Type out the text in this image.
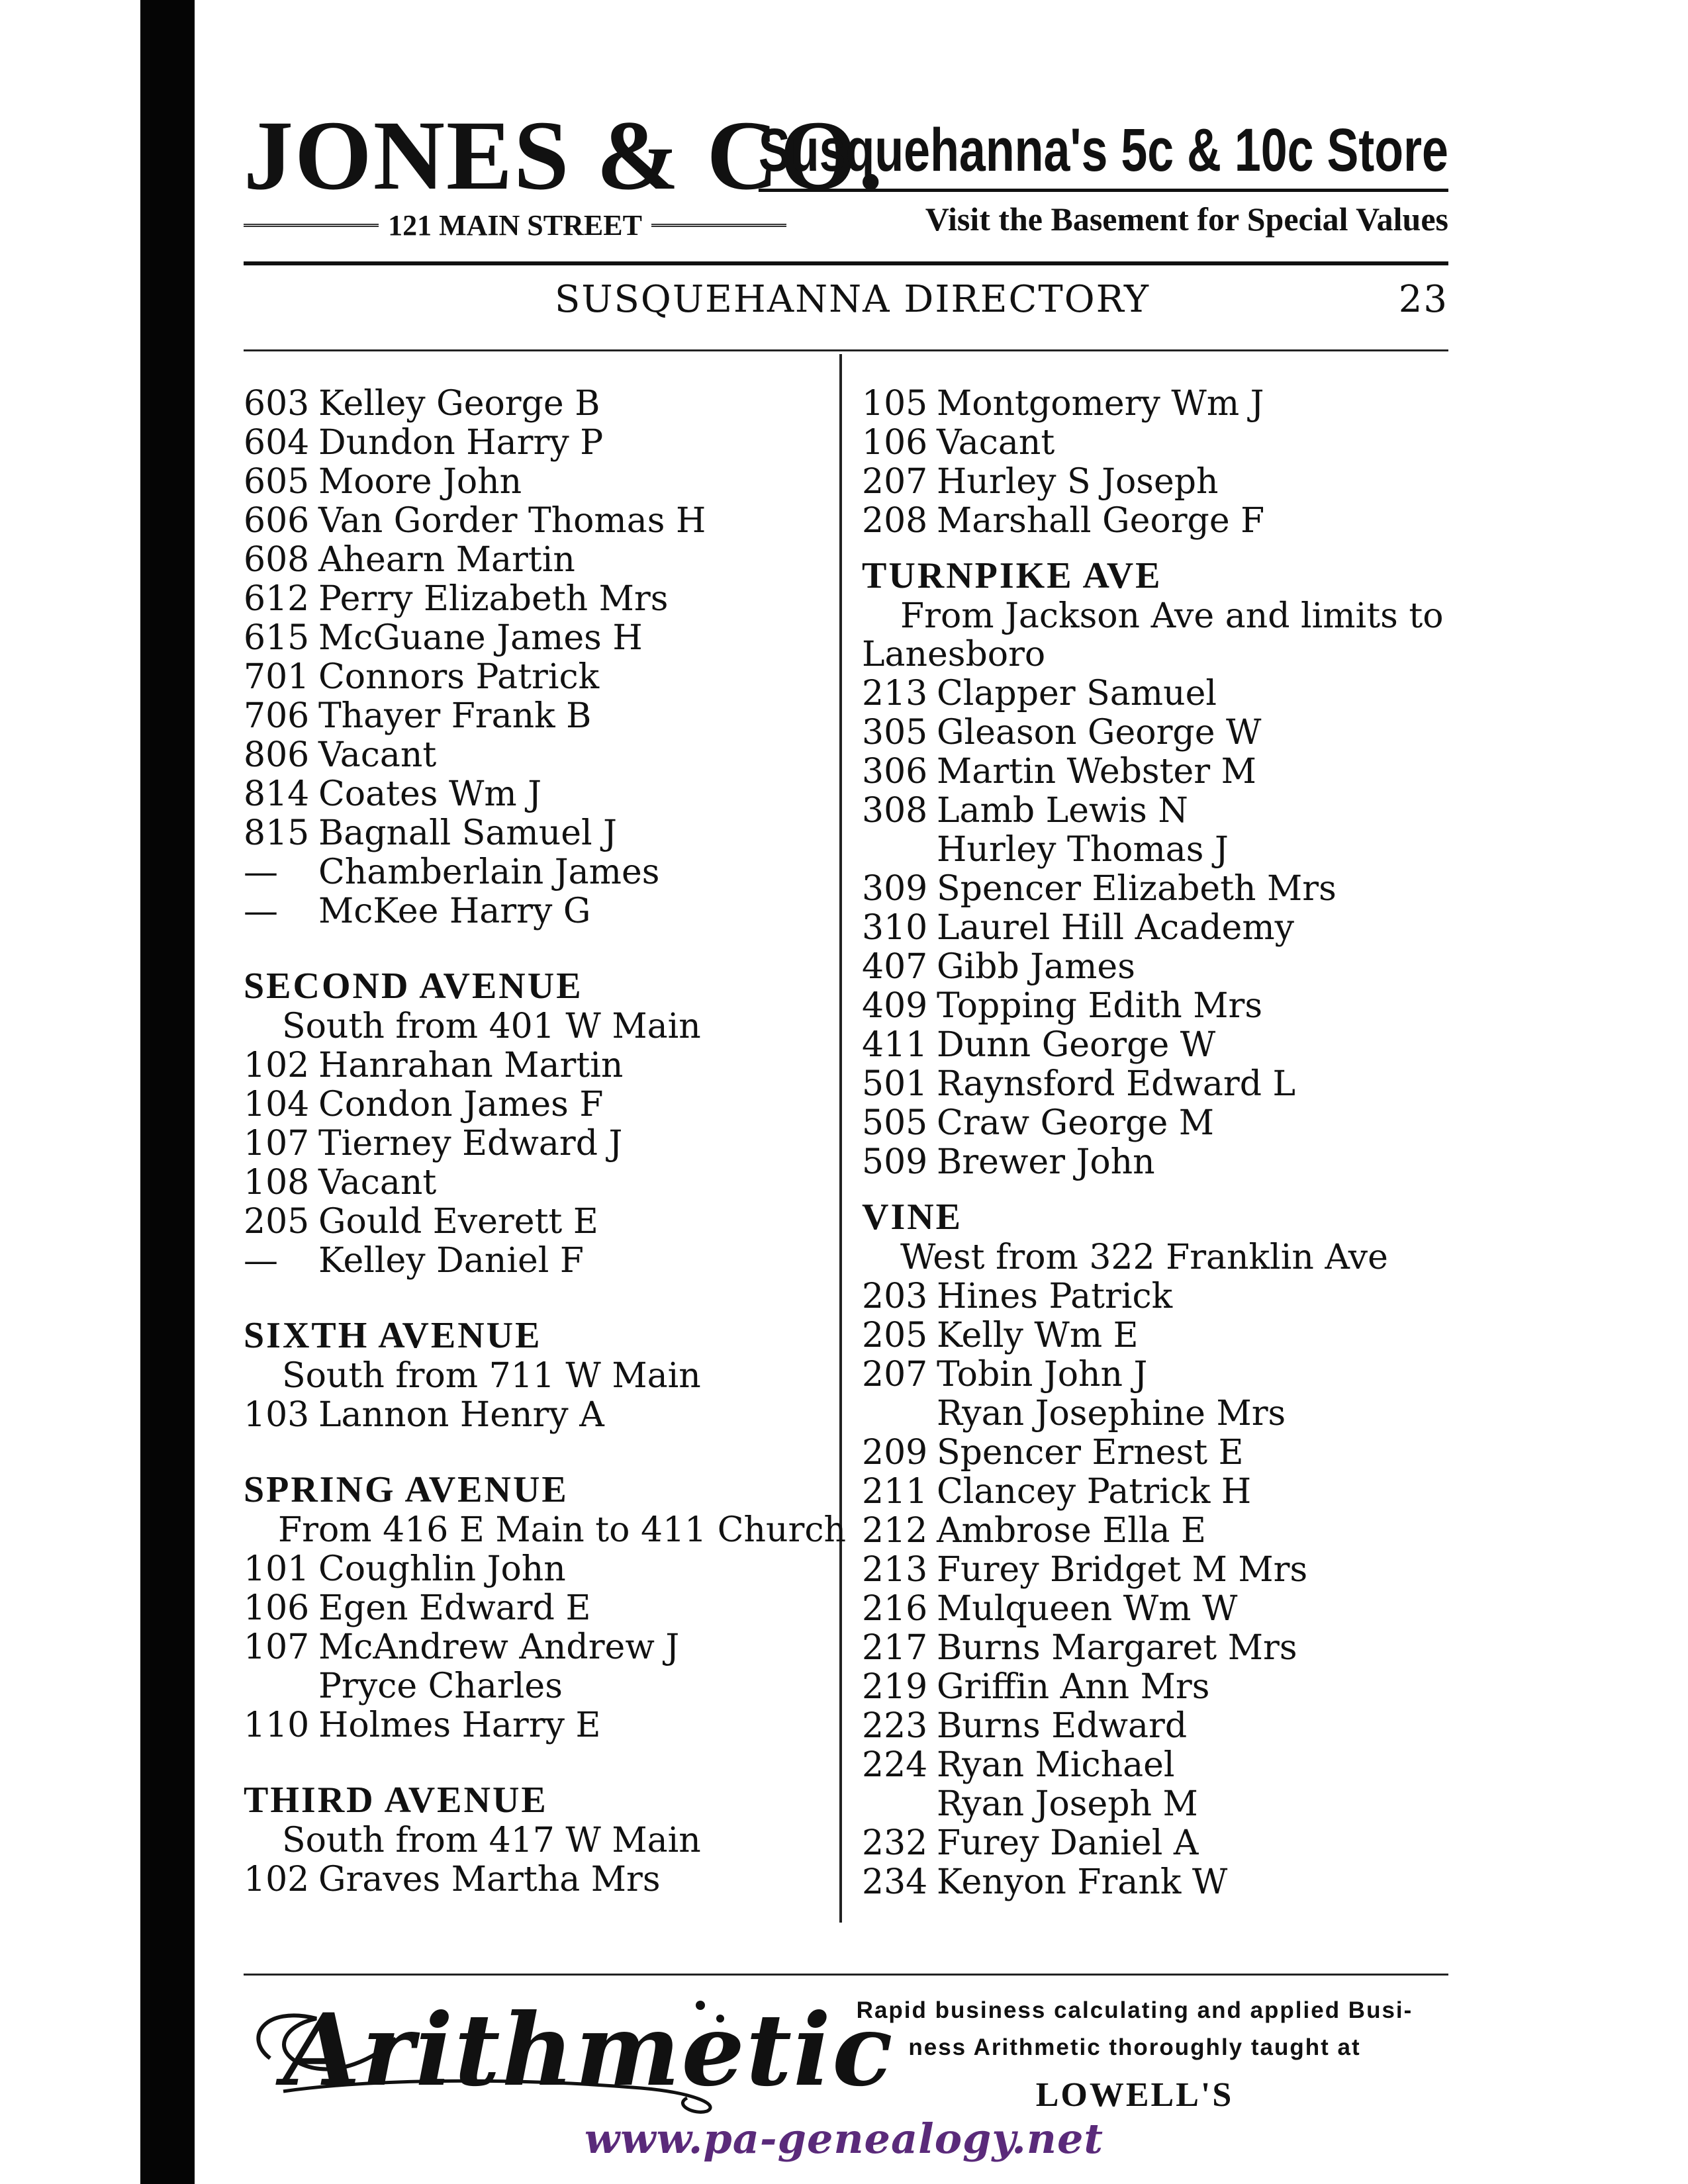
JONES & CO.
121 MAIN STREET
Susquehanna's 5c & 10c Store
Visit the Basement for Special Values
SUSQUEHANNA DIRECTORY	23
603 Kelley George B
604 Dundon Harry P
605 Moore John
606 Van Gorder Thomas H
608 Ahearn Martin
612 Perry Elizabeth Mrs
615 McGuane James H
701 Connors Patrick
706 Thayer Frank B
806 Vacant
814 Coates Wm J
815 Bagnall Samuel J
—	Chamberlain James
—	McKee Harry G
SECOND AVENUE
South from 401 W Main
102 Hanrahan Martin
104 Condon James F
107 Tierney Edward J
108 Vacant
205 Gould Everett E
—	Kelley Daniel F
SIXTH AVENUE
South from 711 W Main
103 Lannon Henry A
SPRING AVENUE
From 416 E Main to 411 Church
101 Coughlin John
106 Egen Edward E
107 McAndrew Andrew J
Pryce Charles
110 Holmes Harry E
THIRD AVENUE
South from 417 W Main
102 Graves Martha Mrs
105 Montgomery Wm J
106 Vacant
207 Hurley S Joseph
208 Marshall George F
TURNPIKE AVE
From Jackson Ave and limits to Lanesboro
213 Clapper Samuel
305 Gleason George W
306 Martin Webster M
308 Lamb Lewis N
Hurley Thomas J
309 Spencer Elizabeth Mrs
310 Laurel Hill Academy
407 Gibb James
409 Topping Edith Mrs
411 Dunn George W
501 Raynsford Edward L
505 Craw George M
509 Brewer John
VINE
West from 322 Franklin Ave
203 Hines Patrick
205 Kelly Wm E
207 Tobin John J
Ryan Josephine Mrs
209 Spencer Ernest E
211 Clancey Patrick H
212 Ambrose Ella E
213 Furey Bridget M Mrs
216 Mulqueen Wm W
217 Burns Margaret Mrs
219 Griffin Ann Mrs
223 Burns Edward
224 Ryan Michael
Ryan Joseph M
232 Furey Daniel A
234 Kenyon Frank W
Arithmetic
Rapid business calculating and applied Busi-
ness Arithmetic thoroughly taught at
LOWELL'S
www.pa-genealogy.net
